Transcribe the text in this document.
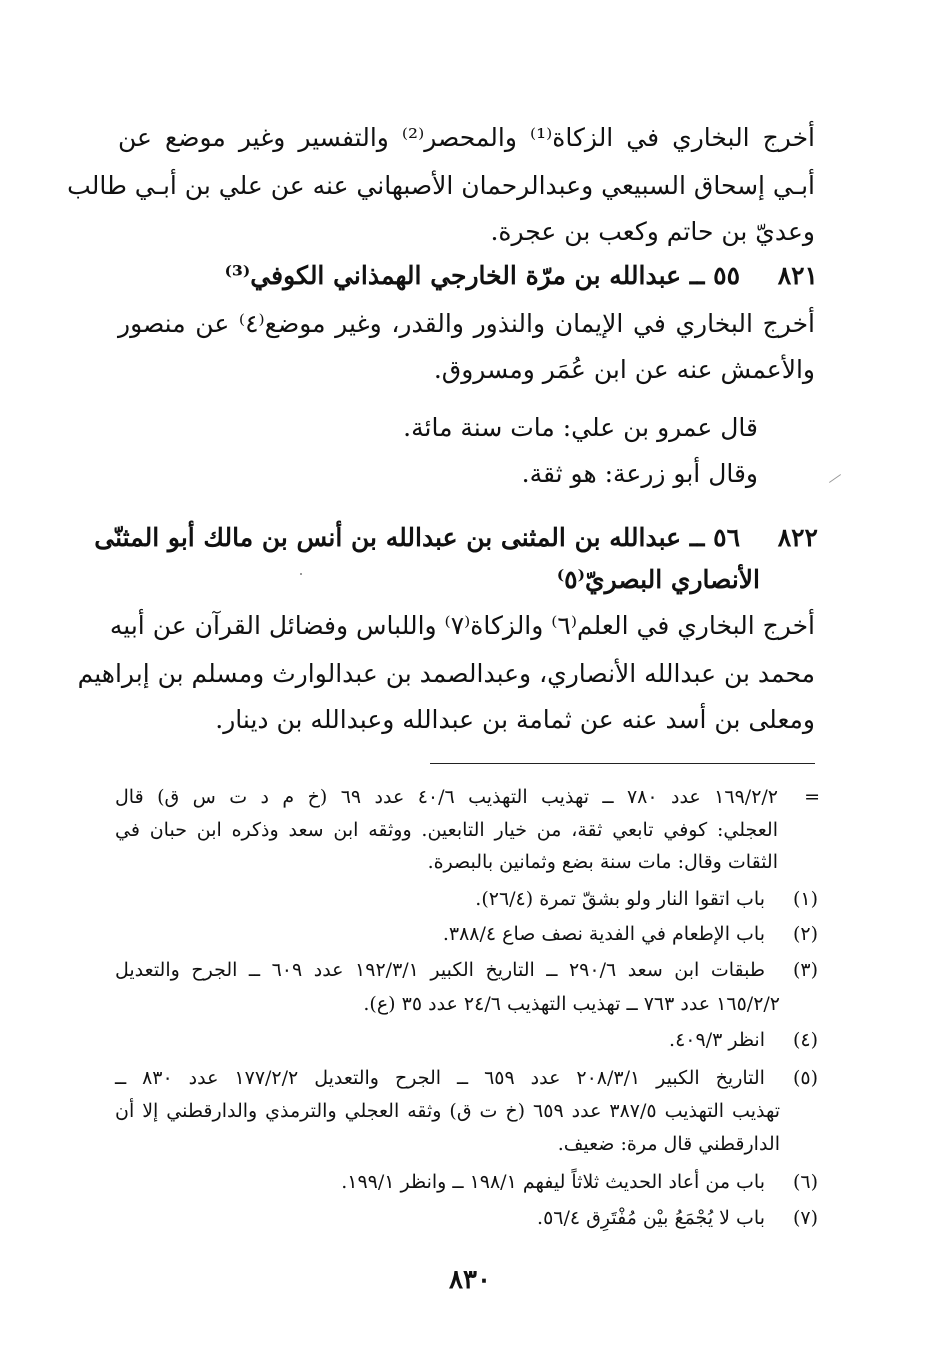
أخرج البخاري في الزكاة⁽¹⁾ والمحصر⁽²⁾ والتفسير وغير موضع عن
أبـي إسحاق السبيعي وعبدالرحمان الأصبهاني عنه عن علي بن أبـي طالب
وعديّ بن حاتم وكعب بن عجرة.
٨٢١
٥٥ ــ عبدالله بن مرّة الخارجي الهمذاني الكوفي⁽³⁾
أخرج البخاري في الإيمان والنذور والقدر، وغير موضع⁽٤⁾ عن منصور
والأعمش عنه عن ابن عُمَر ومسروق.
قال عمرو بن علي: مات سنة مائة.
وقال أبو زرعة: هو ثقة.
٨٢٢
٥٦ ــ عبدالله بن المثنى بن عبدالله بن أنس بن مالك أبو المثنّى
الأنصاري البصريّ⁽٥⁾
أخرج البخاري في العلم⁽٦⁾ والزكاة⁽٧⁾ واللباس وفضائل القرآن عن أبيه
محمد بن عبدالله الأنصاري، وعبدالصمد بن عبدالوارث ومسلم بن إبراهيم
ومعلى بن أسد عنه عن ثمامة بن عبدالله وعبدالله بن دينار.
=
١٦٩/٢/٢ عدد ٧٨٠ ــ تهذيب التهذيب ٤٠/٦ عدد ٦٩ (خ م د ت س ق) قال
العجلي: كوفي تابعي ثقة، من خيار التابعين. ووثقه ابن سعد وذكره ابن حبان في
الثقات وقال: مات سنة بضع وثمانين بالبصرة.
(١)
باب اتقوا النار ولو بشقّ تمرة (٢٦/٤).
(٢)
باب الإطعام في الفدية نصف صاع ٣٨٨/٤.
(٣)
طبقات ابن سعد ٢٩٠/٦ ــ التاريخ الكبير ١٩٢/٣/١ عدد ٦٠٩ ــ الجرح والتعديل
١٦٥/٢/٢ عدد ٧٦٣ ــ تهذيب التهذيب ٢٤/٦ عدد ٣٥ (ع).
(٤)
انظر ٤٠٩/٣.
(٥)
التاريخ الكبير ٢٠٨/٣/١ عدد ٦٥٩ ــ الجرح والتعديل ١٧٧/٢/٢ عدد ٨٣٠ ــ
تهذيب التهذيب ٣٨٧/٥ عدد ٦٥٩ (خ ت ق) وثقه العجلي والترمذي والدارقطني إلا أن
الدارقطني قال مرة: ضعيف.
(٦)
باب من أعاد الحديث ثلاثاً ليفهم ١٩٨/١ ــ وانظر ١٩٩/١.
(٧)
باب لا يُجْمَعُ بيْن مُفْتَرِق ٥٦/٤.
٨٣٠
